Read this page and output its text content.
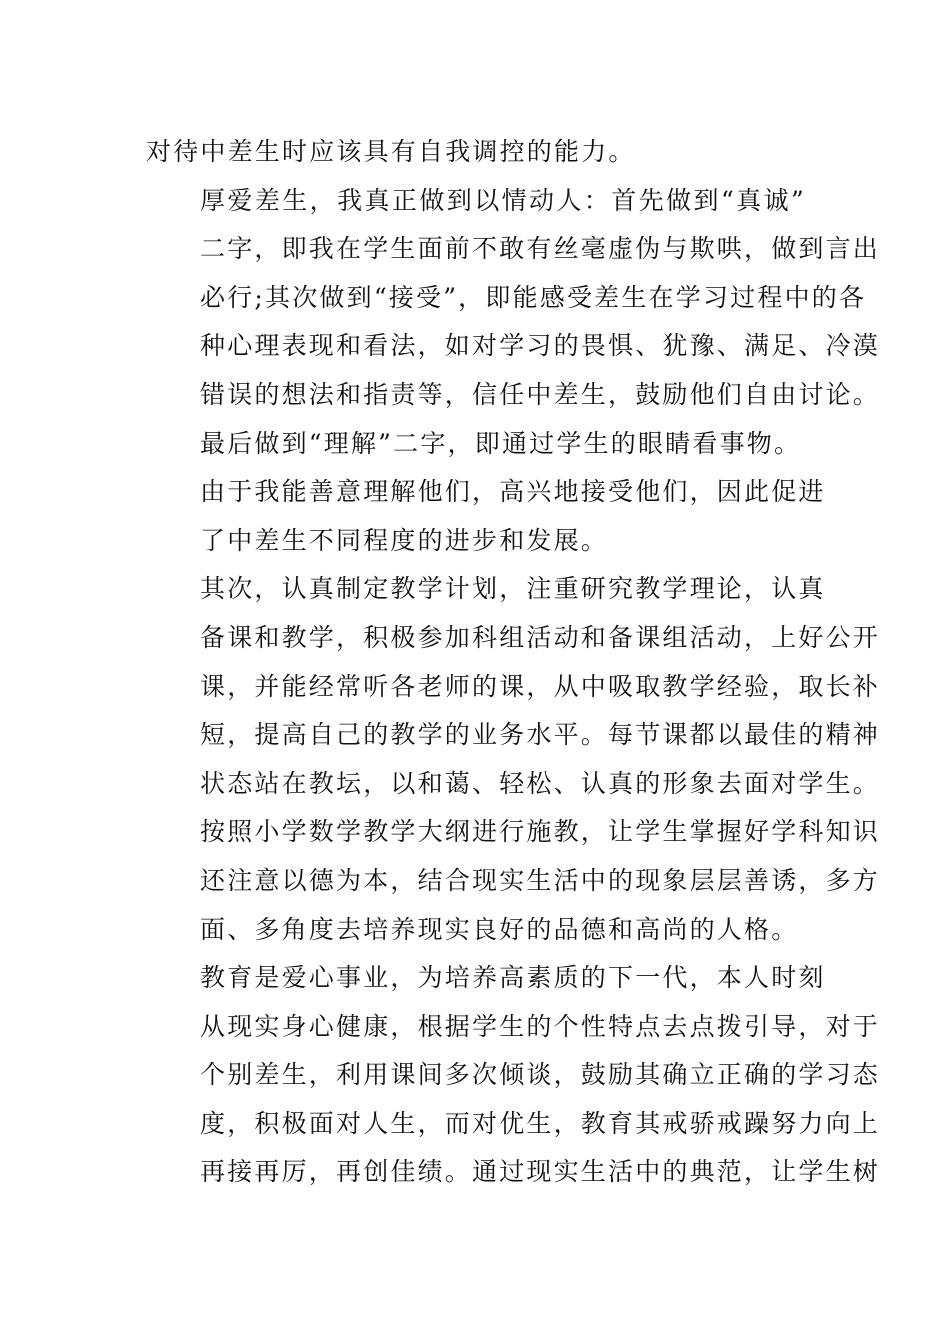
对待中差生时应该具有自我调控的能力。
厚爱差生，我真正做到以情动人：首先做到“真诚”
二字，即我在学生面前不敢有丝毫虚伪与欺哄，做到言出
必行;其次做到“接受”，即能感受差生在学习过程中的各
种心理表现和看法，如对学习的畏惧、犹豫、满足、冷漠
错误的想法和指责等，信任中差生，鼓励他们自由讨论。
最后做到“理解”二字，即通过学生的眼睛看事物。
由于我能善意理解他们，高兴地接受他们，因此促进
了中差生不同程度的进步和发展。
其次，认真制定教学计划，注重研究教学理论，认真
备课和教学，积极参加科组活动和备课组活动，上好公开
课，并能经常听各老师的课，从中吸取教学经验，取长补
短，提高自己的教学的业务水平。每节课都以最佳的精神
状态站在教坛，以和蔼、轻松、认真的形象去面对学生。
按照小学数学教学大纲进行施教，让学生掌握好学科知识
还注意以德为本，结合现实生活中的现象层层善诱，多方
面、多角度去培养现实良好的品德和高尚的人格。
教育是爱心事业，为培养高素质的下一代，本人时刻
从现实身心健康，根据学生的个性特点去点拨引导，对于
个别差生，利用课间多次倾谈，鼓励其确立正确的学习态
度，积极面对人生，而对优生，教育其戒骄戒躁努力向上
再接再厉，再创佳绩。通过现实生活中的典范，让学生树
